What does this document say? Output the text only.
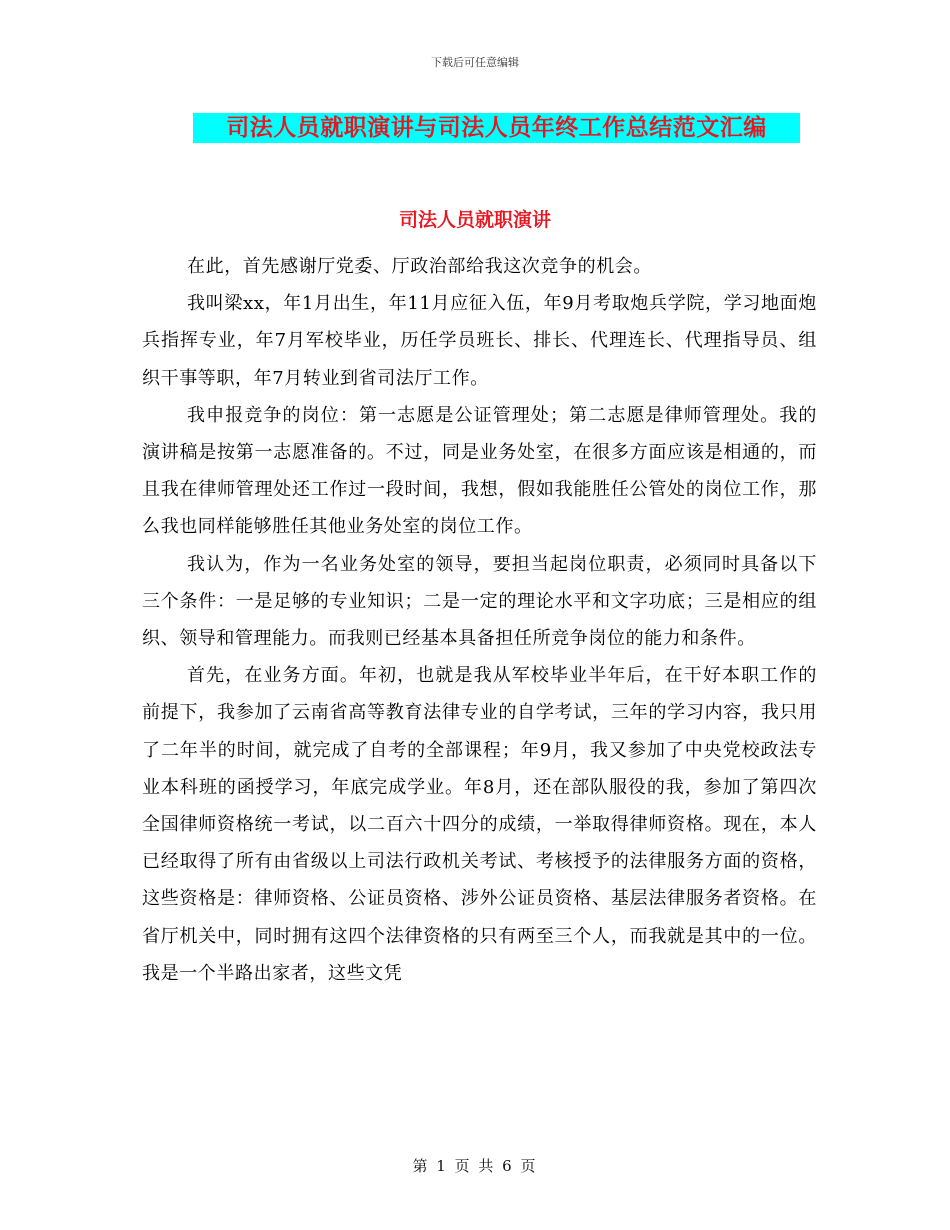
下载后可任意编辑
司法人员就职演讲与司法人员年终工作总结范文汇编
司法人员就职演讲

在此，首先感谢厅党委、厅政治部给我这次竞争的机会。

我叫梁xx，年1月出生，年11月应征入伍，年9月考取炮兵学院，学习地面炮兵指挥专业，年7月军校毕业，历任学员班长、排长、代理连长、代理指导员、组织干事等职，年7月转业到省司法厅工作。

我申报竞争的岗位：第一志愿是公证管理处；第二志愿是律师管理处。我的演讲稿是按第一志愿准备的。不过，同是业务处室，在很多方面应该是相通的，而且我在律师管理处还工作过一段时间，我想，假如我能胜任公管处的岗位工作，那么我也同样能够胜任其他业务处室的岗位工作。

我认为，作为一名业务处室的领导，要担当起岗位职责，必须同时具备以下三个条件：一是足够的专业知识；二是一定的理论水平和文字功底；三是相应的组织、领导和管理能力。而我则已经基本具备担任所竞争岗位的能力和条件。

首先，在业务方面。年初，也就是我从军校毕业半年后，在干好本职工作的前提下，我参加了云南省高等教育法律专业的自学考试，三年的学习内容，我只用了二年半的时间，就完成了自考的全部课程；年9月，我又参加了中央党校政法专业本科班的函授学习，年底完成学业。年8月，还在部队服役的我，参加了第四次全国律师资格统一考试，以二百六十四分的成绩，一举取得律师资格。现在，本人已经取得了所有由省级以上司法行政机关考试、考核授予的法律服务方面的资格，这些资格是：律师资格、公证员资格、涉外公证员资格、基层法律服务者资格。在省厅机关中，同时拥有这四个法律资格的只有两至三个人，而我就是其中的一位。我是一个半路出家者，这些文凭

第 1 页 共 6 页
